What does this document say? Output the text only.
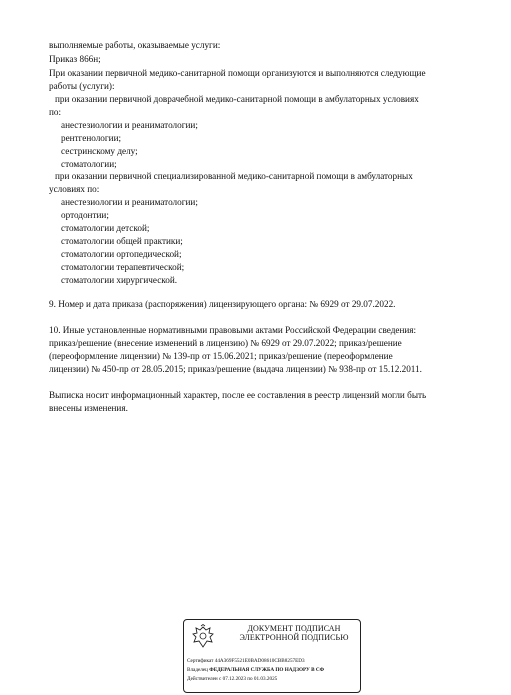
выполняемые работы, оказываемые услуги:
Приказ 866н;
При оказании первичной медико-санитарной помощи организуются и выполняются следующие
работы (услуги):
при оказании первичной доврачебной медико-санитарной помощи в амбулаторных условиях
по:
анестезиологии и реаниматологии;
рентгенологии;
сестринскому делу;
стоматологии;
при оказании первичной специализированной медико-санитарной помощи в амбулаторных
условиях по:
анестезиологии и реаниматологии;
ортодонтии;
стоматологии детской;
стоматологии общей практики;
стоматологии ортопедической;
стоматологии терапевтической;
стоматологии хирургической.
9. Номер и дата приказа (распоряжения) лицензирующего органа: № 6929 от 29.07.2022.
10. Иные установленные нормативными правовыми актами Российской Федерации сведения:
приказ/решение (внесение изменений в лицензию) № 6929 от 29.07.2022; приказ/решение
(переоформление лицензии) № 139-пр от 15.06.2021; приказ/решение (переоформление
лицензии) № 450-пр от 28.05.2015; приказ/решение (выдача лицензии) № 938-пр от 15.12.2011.
Выписка носит информационный характер, после ее составления в реестр лицензий могли быть
внесены изменения.
ДОКУМЕНТ ПОДПИСАН
ЭЛЕКТРОННОЙ ПОДПИСЬЮ
Сертификат 44A369F5521E0BAD08610CBB8257ED3
Владелец ФЕДЕРАЛЬНАЯ СЛУЖБА ПО НАДЗОРУ В СФ
Действителен с 07.12.2023 по 01.03.2025
